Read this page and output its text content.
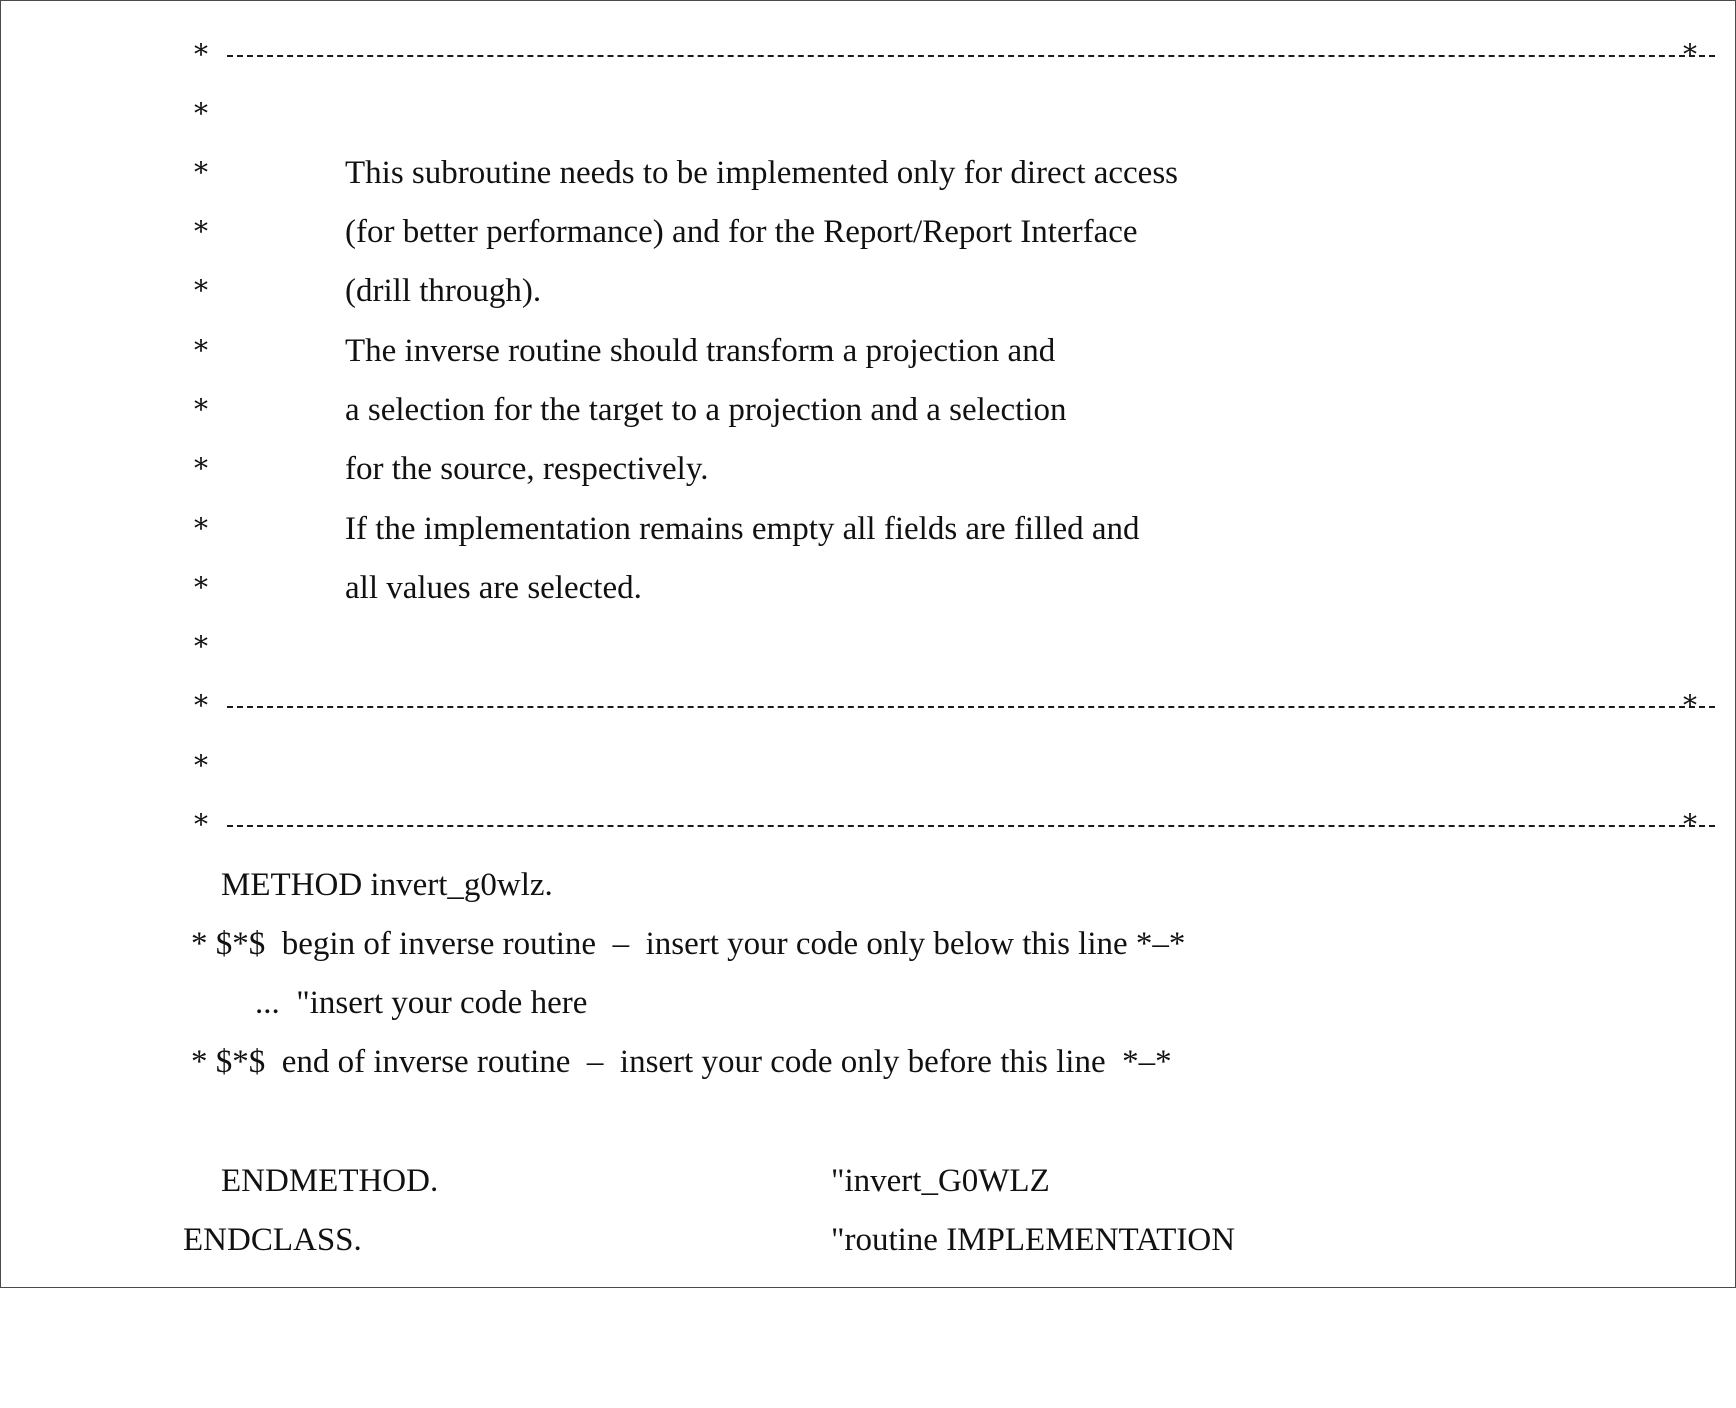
*

	*

*

*

	This subroutine needs to be implemented only for direct access

*

	(for better performance) and for the Report/Report Interface

*

	(drill through).

*

	The inverse routine should transform a projection and

*

	a selection for the target to a projection and a selection

*

	for the source, respectively.

*

	If the implementation remains empty all fields are filled and

*

	all values are selected.

*

*

	*

*

*

	*

METHOD invert_g0wlz.

* $*$  begin of inverse routine  –  insert your code only below this line *–*

...  "insert your code here

* $*$  end of inverse routine  –  insert your code only before this line  *–*

ENDMETHOD.

	"invert_G0WLZ

ENDCLASS.

	"routine IMPLEMENTATION
